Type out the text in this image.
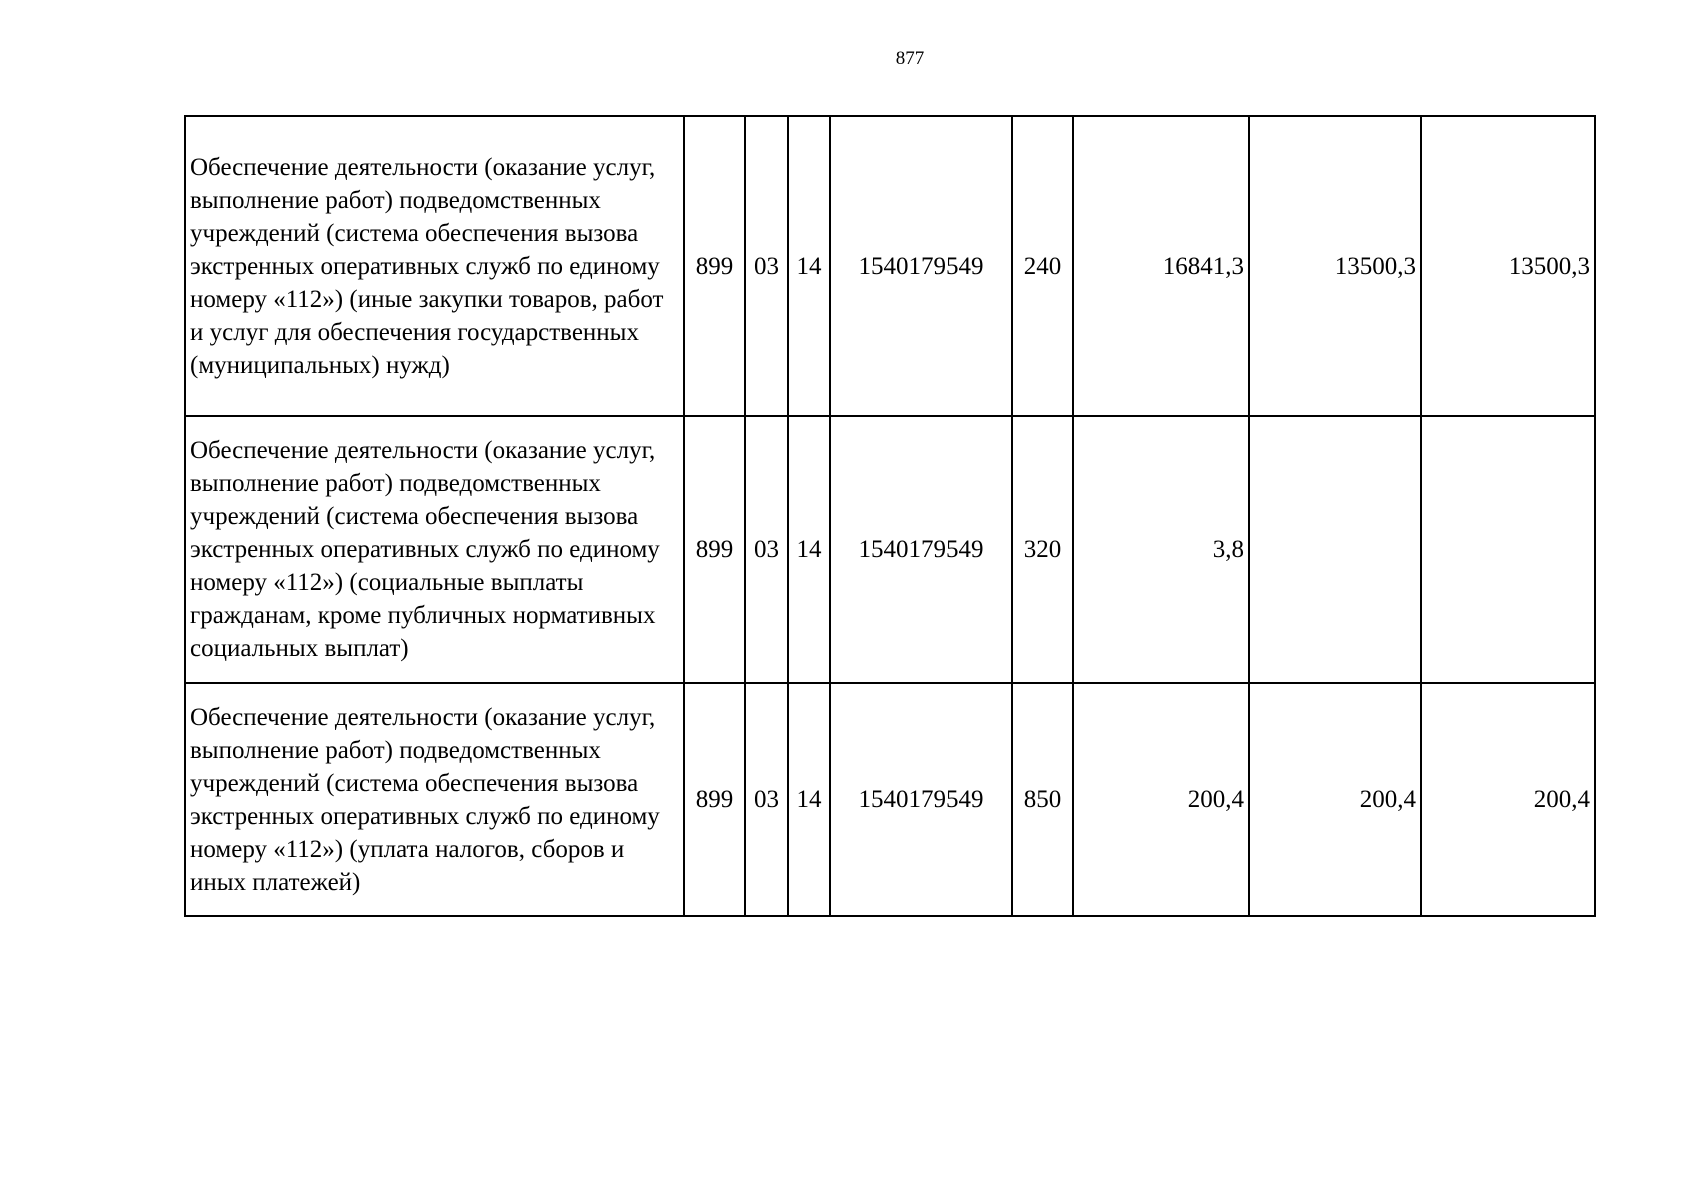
877
Обеспечение деятельности (оказание услуг, выполнение работ) подведомственных учреждений (система обеспечения вызова экстренных оперативных служб по единому номеру «112») (иные закупки товаров, работ и услуг для обеспечения государственных (муниципальных) нужд)	899	03	14	1540179549	240	16841,3	13500,3	13500,3
Обеспечение деятельности (оказание услуг, выполнение работ) подведомственных учреждений (система обеспечения вызова экстренных оперативных служб по единому номеру «112») (социальные выплаты гражданам, кроме публичных нормативных социальных выплат)	899	03	14	1540179549	320	3,8		
Обеспечение деятельности (оказание услуг, выполнение работ) подведомственных учреждений (система обеспечения вызова экстренных оперативных служб по единому номеру «112») (уплата налогов, сборов и иных платежей)	899	03	14	1540179549	850	200,4	200,4	200,4
